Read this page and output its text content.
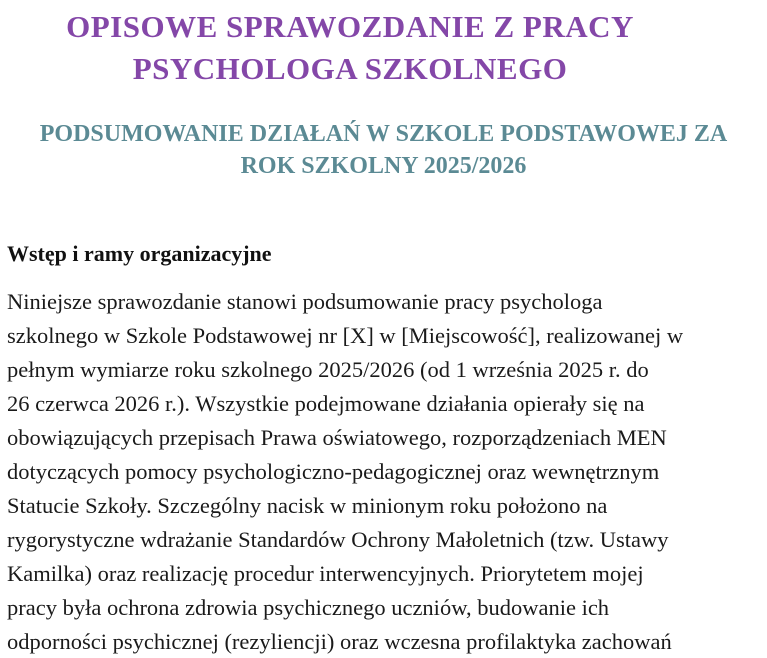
OPISOWE SPRAWOZDANIE Z PRACY
PSYCHOLOGA SZKOLNEGO
PODSUMOWANIE DZIAŁAŃ W SZKOLE PODSTAWOWEJ ZA
ROK SZKOLNY 2025/2026
Wstęp i ramy organizacyjne

Niniejsze sprawozdanie stanowi podsumowanie pracy psychologa
szkolnego w Szkole Podstawowej nr [X] w [Miejscowość], realizowanej w
pełnym wymiarze roku szkolnego 2025/2026 (od 1 września 2025 r. do
26 czerwca 2026 r.). Wszystkie podejmowane działania opierały się na
obowiązujących przepisach Prawa oświatowego, rozporządzeniach MEN
dotyczących pomocy psychologiczno-pedagogicznej oraz wewnętrznym
Statucie Szkoły. Szczególny nacisk w minionym roku położono na
rygorystyczne wdrażanie Standardów Ochrony Małoletnich (tzw. Ustawy
Kamilka) oraz realizację procedur interwencyjnych. Priorytetem mojej
pracy była ochrona zdrowia psychicznego uczniów, budowanie ich
odporności psychicznej (rezyliencji) oraz wczesna profilaktyka zachowań
